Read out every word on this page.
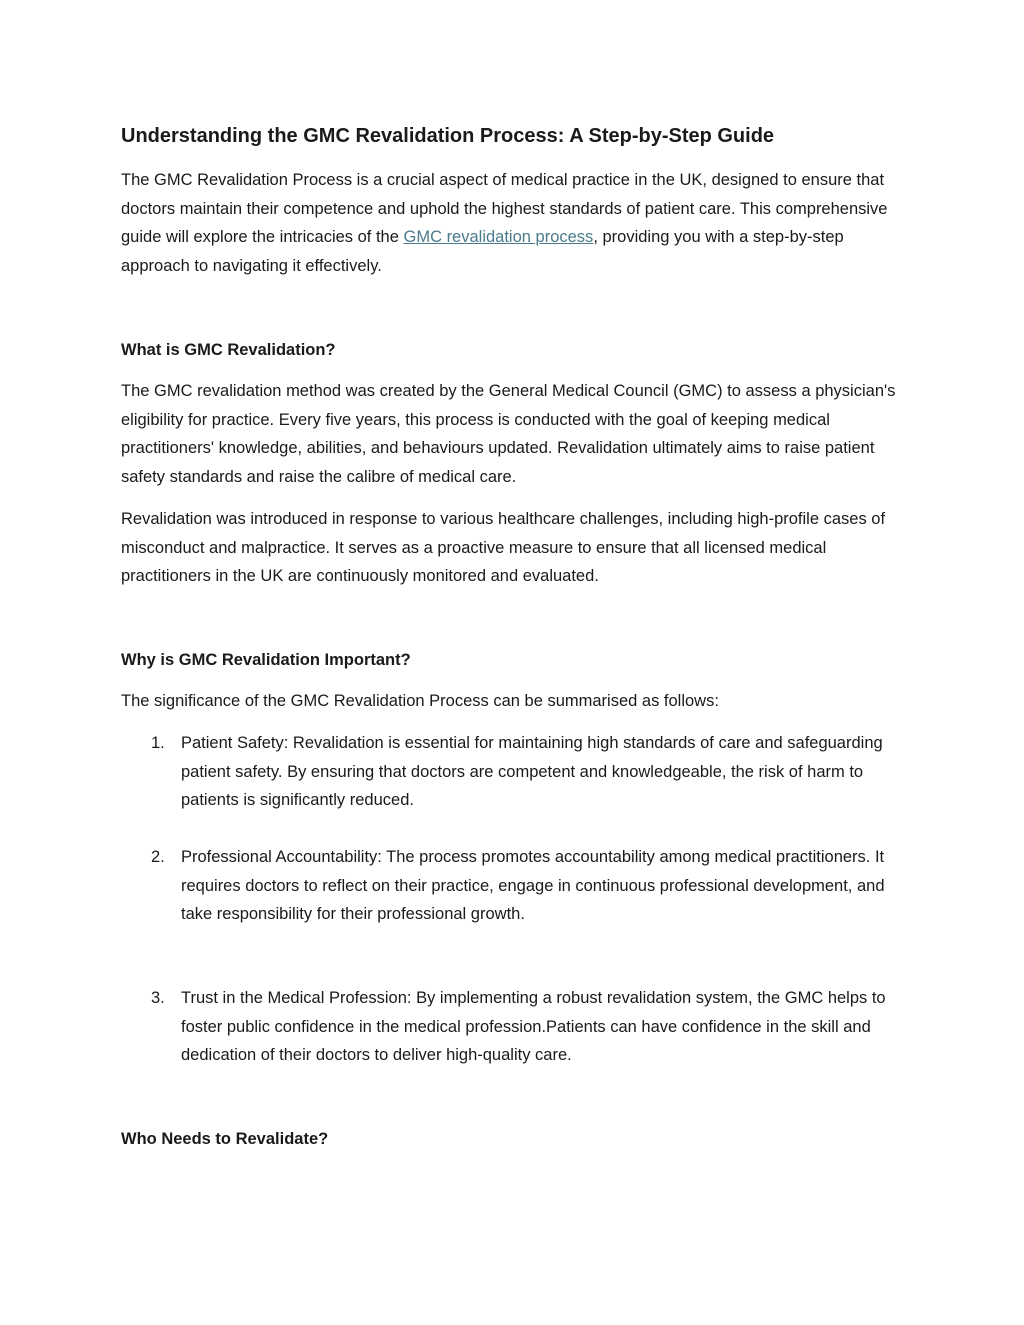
Understanding the GMC Revalidation Process: A Step-by-Step Guide

The GMC Revalidation Process is a crucial aspect of medical practice in the UK, designed to ensure that doctors maintain their competence and uphold the highest standards of patient care. This comprehensive guide will explore the intricacies of the GMC revalidation process, providing you with a step-by-step approach to navigating it effectively.

What is GMC Revalidation?

The GMC revalidation method was created by the General Medical Council (GMC) to assess a physician's eligibility for practice. Every five years, this process is conducted with the goal of keeping medical practitioners' knowledge, abilities, and behaviours updated. Revalidation ultimately aims to raise patient safety standards and raise the calibre of medical care.

Revalidation was introduced in response to various healthcare challenges, including high-profile cases of misconduct and malpractice. It serves as a proactive measure to ensure that all licensed medical practitioners in the UK are continuously monitored and evaluated.

Why is GMC Revalidation Important?

The significance of the GMC Revalidation Process can be summarised as follows:

1. Patient Safety: Revalidation is essential for maintaining high standards of care and safeguarding patient safety. By ensuring that doctors are competent and knowledgeable, the risk of harm to patients is significantly reduced.
2. Professional Accountability: The process promotes accountability among medical practitioners. It requires doctors to reflect on their practice, engage in continuous professional development, and take responsibility for their professional growth.
3. Trust in the Medical Profession: By implementing a robust revalidation system, the GMC helps to foster public confidence in the medical profession.Patients can have confidence in the skill and dedication of their doctors to deliver high-quality care.
Who Needs to Revalidate?
